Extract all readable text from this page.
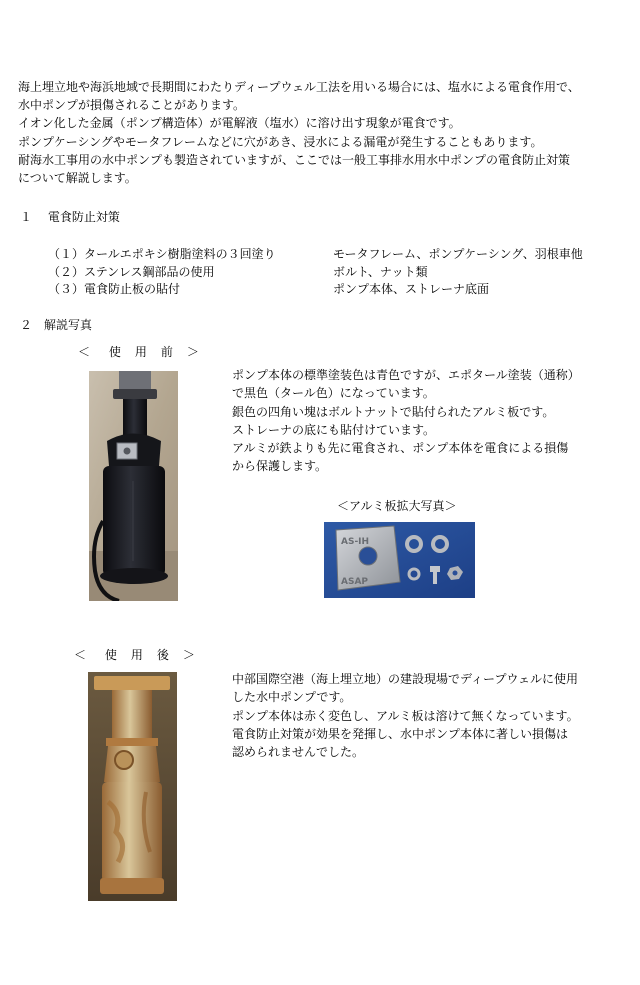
海上埋立地や海浜地域で長期間にわたりディープウェル工法を用いる場合には、塩水による電食作用で、
水中ポンプが損傷されることがあります。
イオン化した金属（ポンプ構造体）が電解液（塩水）に溶け出す現象が電食です。
ポンプケーシングやモータフレームなどに穴があき、浸水による漏電が発生することもあります。
耐海水工事用の水中ポンプも製造されていますが、ここでは一般工事排水用水中ポンプの電食防止対策
について解説します。
１　 電食防止対策
（１）タールエポキシ樹脂塗料の３回塗り	モータフレーム、ポンプケーシング、羽根車他
（２）ステンレス鋼部品の使用	ボルト、ナット類
（３）電食防止板の貼付	ポンプ本体、ストレーナ底面
２　解説写真
＜　 使　用　前　＞
ポンプ本体の標準塗装色は青色ですが、エポタール塗装（通称）
で黒色（タール色）になっています。
銀色の四角い塊はボルトナットで貼付られたアルミ板です。
ストレーナの底にも貼付けています。
アルミが鉄よりも先に電食され、ポンプ本体を電食による損傷
から保護します。
＜アルミ板拡大写真＞
AS-IH
ASAP
＜　 使　用　後　＞
中部国際空港（海上埋立地）の建設現場でディープウェルに使用
した水中ポンプです。
ポンプ本体は赤く変色し、アルミ板は溶けて無くなっています。
電食防止対策が効果を発揮し、水中ポンプ本体に著しい損傷は
認められませんでした。
